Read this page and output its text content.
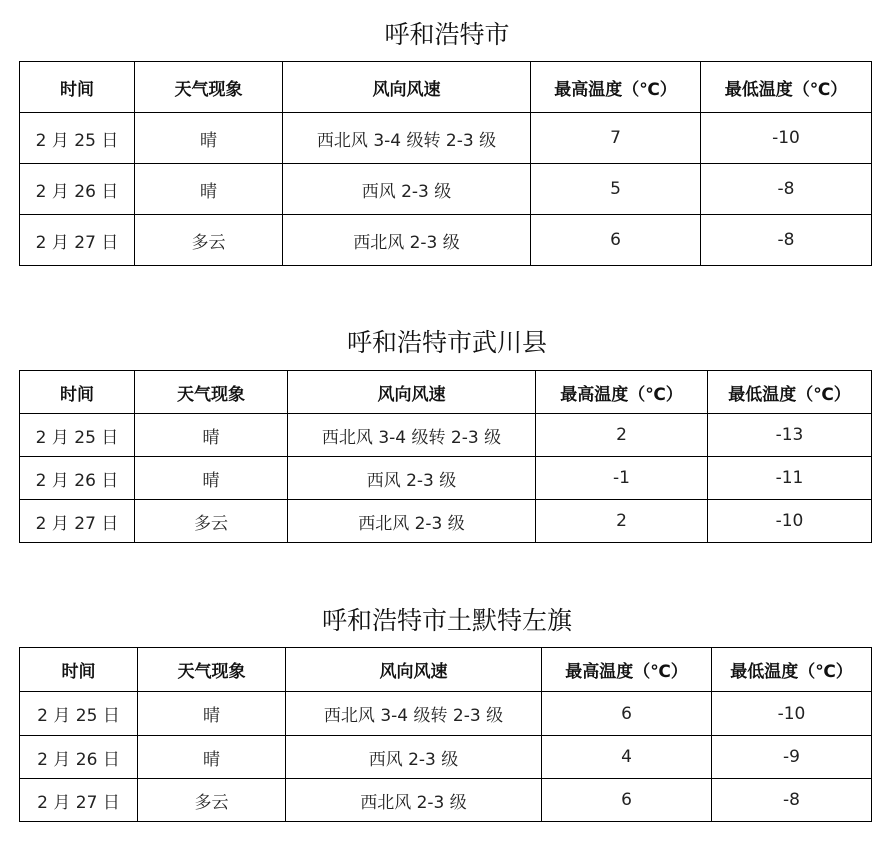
呼和浩特市
时间	天气现象	风向风速	最高温度（℃）	最低温度（℃）
2 月 25 日	晴	西北风 3-4 级转 2-3 级	7	-10
2 月 26 日	晴	西风 2-3 级	5	-8
2 月 27 日	多云	西北风 2-3 级	6	-8
呼和浩特市武川县
时间	天气现象	风向风速	最高温度（℃）	最低温度（℃）
2 月 25 日	晴	西北风 3-4 级转 2-3 级	2	-13
2 月 26 日	晴	西风 2-3 级	-1	-11
2 月 27 日	多云	西北风 2-3 级	2	-10
呼和浩特市土默特左旗
时间	天气现象	风向风速	最高温度（℃）	最低温度（℃）
2 月 25 日	晴	西北风 3-4 级转 2-3 级	6	-10
2 月 26 日	晴	西风 2-3 级	4	-9
2 月 27 日	多云	西北风 2-3 级	6	-8
